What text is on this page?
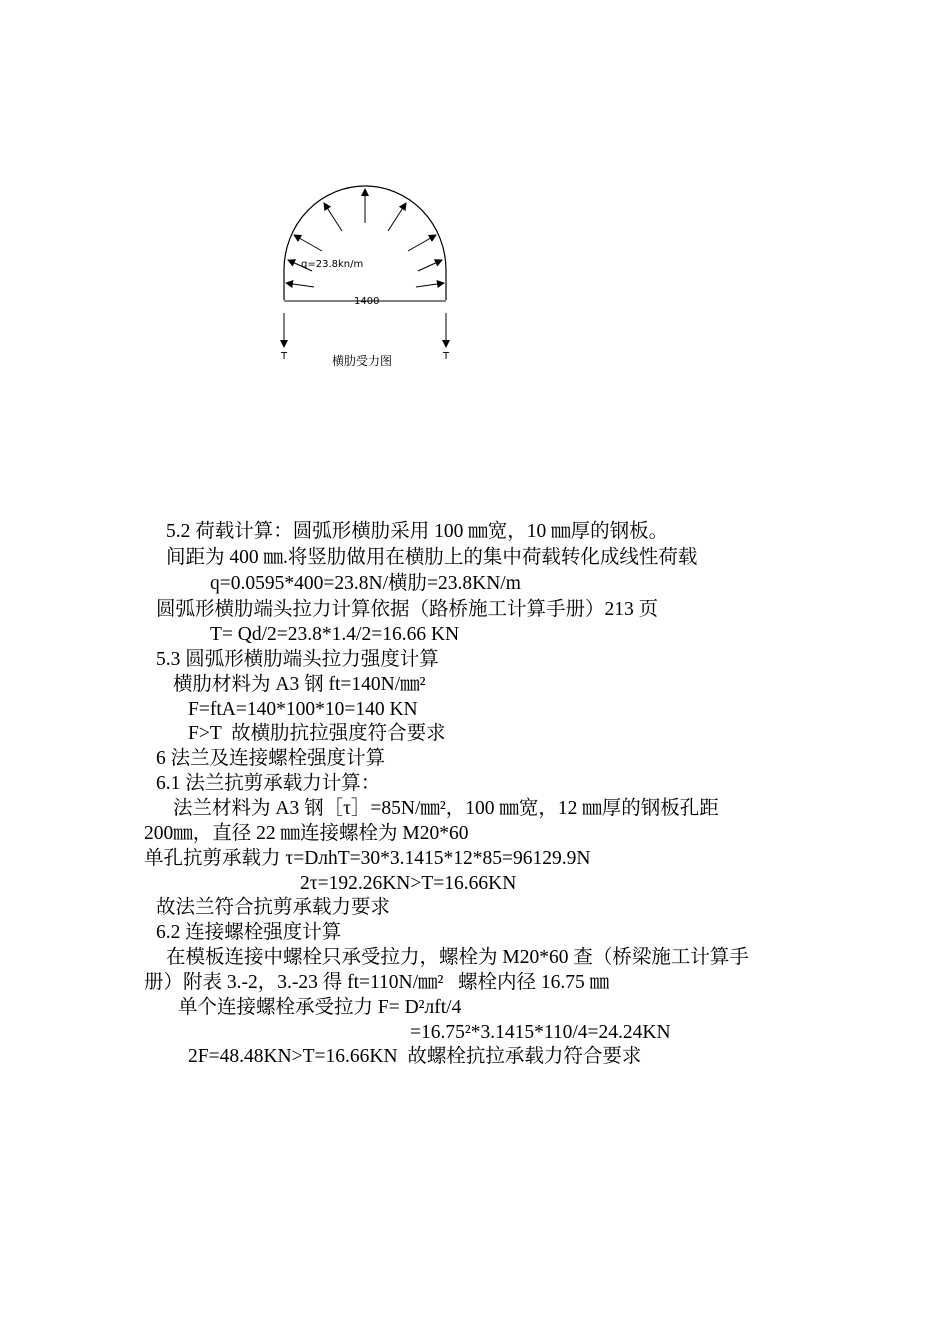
q=23.8kn/m
1400
T	T
横肋受力图
5.2 荷载计算：圆弧形横肋采用 100 ㎜宽，10 ㎜厚的钢板。
间距为 400 ㎜.将竖肋做用在横肋上的集中荷载转化成线性荷载
q=0.0595*400=23.8N/横肋=23.8KN/m
圆弧形横肋端头拉力计算依据（路桥施工计算手册）213 页
T= Qd/2=23.8*1.4/2=16.66 KN
5.3 圆弧形横肋端头拉力强度计算
横肋材料为 A3 钢 ft=140N/㎜²
F=ftA=140*100*10=140 KN
F>T  故横肋抗拉强度符合要求
6 法兰及连接螺栓强度计算
6.1 法兰抗剪承载力计算：
法兰材料为 A3 钢［τ］=85N/㎜²，100 ㎜宽，12 ㎜厚的钢板孔距
200㎜，直径 22 ㎜连接螺栓为 M20*60
单孔抗剪承载力 τ=DлhT=30*3.1415*12*85=96129.9N
2τ=192.26KN>T=16.66KN
故法兰符合抗剪承载力要求
6.2 连接螺栓强度计算
在模板连接中螺栓只承受拉力，螺栓为 M20*60 查（桥梁施工计算手
册）附表 3.-2，3.-23 得 ft=110N/㎜²   螺栓内径 16.75 ㎜
单个连接螺栓承受拉力 F= D²лft/4
=16.75²*3.1415*110/4=24.24KN
2F=48.48KN>T=16.66KN  故螺栓抗拉承载力符合要求
